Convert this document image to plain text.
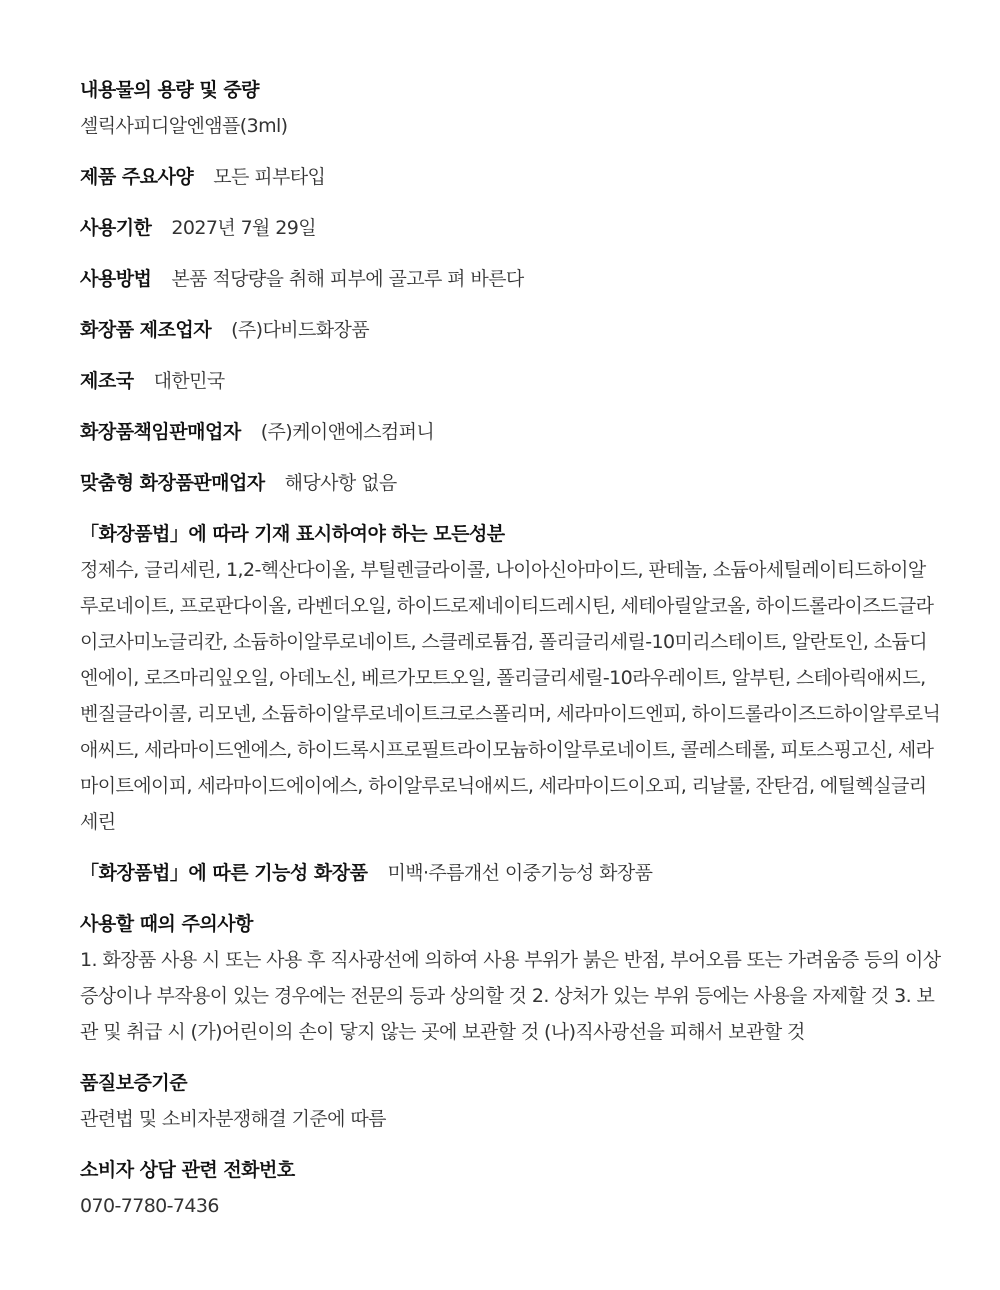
내용물의 용량 및 중량
셀릭사피디알엔앰플(3ml)
제품 주요사양 모든 피부타입
사용기한 2027년 7월 29일
사용방법 본품 적당량을 취해 피부에 골고루 펴 바른다
화장품 제조업자 (주)다비드화장품
제조국 대한민국
화장품책임판매업자 (주)케이앤에스컴퍼니
맞춤형 화장품판매업자 해당사항 없음
「화장품법」에 따라 기재 표시하여야 하는 모든성분
정제수, 글리세린, 1,2-헥산다이올, 부틸렌글라이콜, 나이아신아마이드, 판테놀, 소듐아세틸레이티드하이알루로네이트, 프로판다이올, 라벤더오일, 하이드로제네이티드레시틴, 세테아릴알코올, 하이드롤라이즈드글라이코사미노글리칸, 소듐하이알루로네이트, 스클레로튬검, 폴리글리세릴-10미리스테이트, 알란토인, 소듐디엔에이, 로즈마리잎오일, 아데노신, 베르가모트오일, 폴리글리세릴-10라우레이트, 알부틴, 스테아릭애씨드, 벤질글라이콜, 리모넨, 소듐하이알루로네이트크로스폴리머, 세라마이드엔피, 하이드롤라이즈드하이알루로닉애씨드, 세라마이드엔에스, 하이드록시프로필트라이모늄하이알루로네이트, 콜레스테롤, 피토스핑고신, 세라마이트에이피, 세라마이드에이에스, 하이알루로닉애씨드, 세라마이드이오피, 리날룰, 잔탄검, 에틸헥실글리세린
「화장품법」에 따른 기능성 화장품 미백·주름개선 이중기능성 화장품
사용할 때의 주의사항
1. 화장품 사용 시 또는 사용 후 직사광선에 의하여 사용 부위가 붉은 반점, 부어오름 또는 가려움증 등의 이상 증상이나 부작용이 있는 경우에는 전문의 등과 상의할 것 2. 상처가 있는 부위 등에는 사용을 자제할 것 3. 보관 및 취급 시 (가)어린이의 손이 닿지 않는 곳에 보관할 것 (나)직사광선을 피해서 보관할 것
품질보증기준
관련법 및 소비자분쟁해결 기준에 따름
소비자 상담 관련 전화번호
070-7780-7436
